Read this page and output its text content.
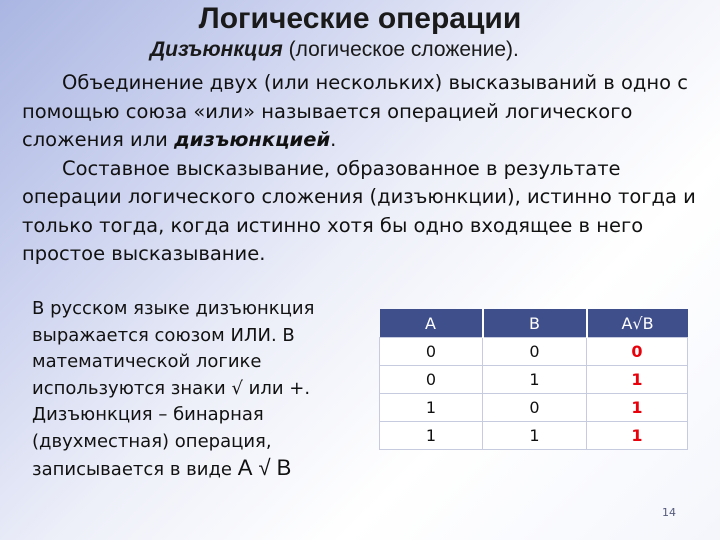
Логические операции
Дизъюнкция (логическое сложение).

Объединение двух (или нескольких) высказываний в одно с помощью союза «или» называется операцией логического сложения или дизъюнкцией.

Составное высказывание, образованное в результате операции логического сложения (дизъюнкции), истинно тогда и только тогда, когда истинно хотя бы одно входящее в него простое высказывание.

В русском языке дизъюнкция выражается союзом ИЛИ. В математической логике используются знаки √ или +. Дизъюнкция – бинарная (двухместная) операция, записывается в виде А √ В
A	B	A√B
0	0	0
0	1	1
1	0	1
1	1	1
14
